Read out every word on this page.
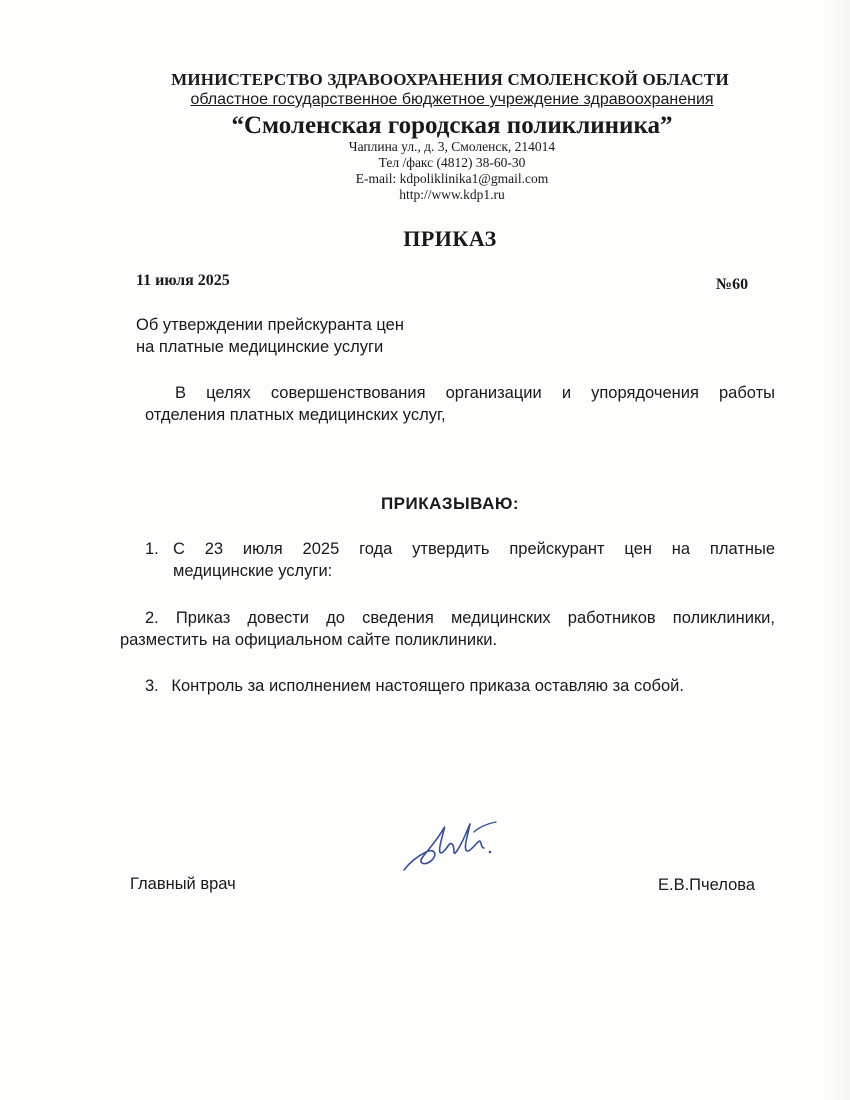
МИНИСТЕРСТВО ЗДРАВООХРАНЕНИЯ СМОЛЕНСКОЙ ОБЛАСТИ
областное государственное бюджетное учреждение здравоохранения
“Смоленская городская поликлиника”
Чаплина ул., д. 3, Смоленск, 214014
Тел /факс (4812) 38-60-30
E-mail: kdpoliklinika1@gmail.com
http://www.kdp1.ru
ПРИКАЗ
11 июля 2025	№60
Об утверждении прейскуранта цен
на платные медицинские услуги
В целях совершенствования организации и упорядочения работы
отделения платных медицинских услуг,
ПРИКАЗЫВАЮ:
1. С 23 июля 2025 года утвердить прейскурант цен на платные
медицинские услуги:
2. Приказ довести до сведения медицинских работников поликлиники,
разместить на официальном сайте поликлиники.
3. Контроль за исполнением настоящего приказа оставляю за собой.
Главный врач	Е.В.Пчелова
